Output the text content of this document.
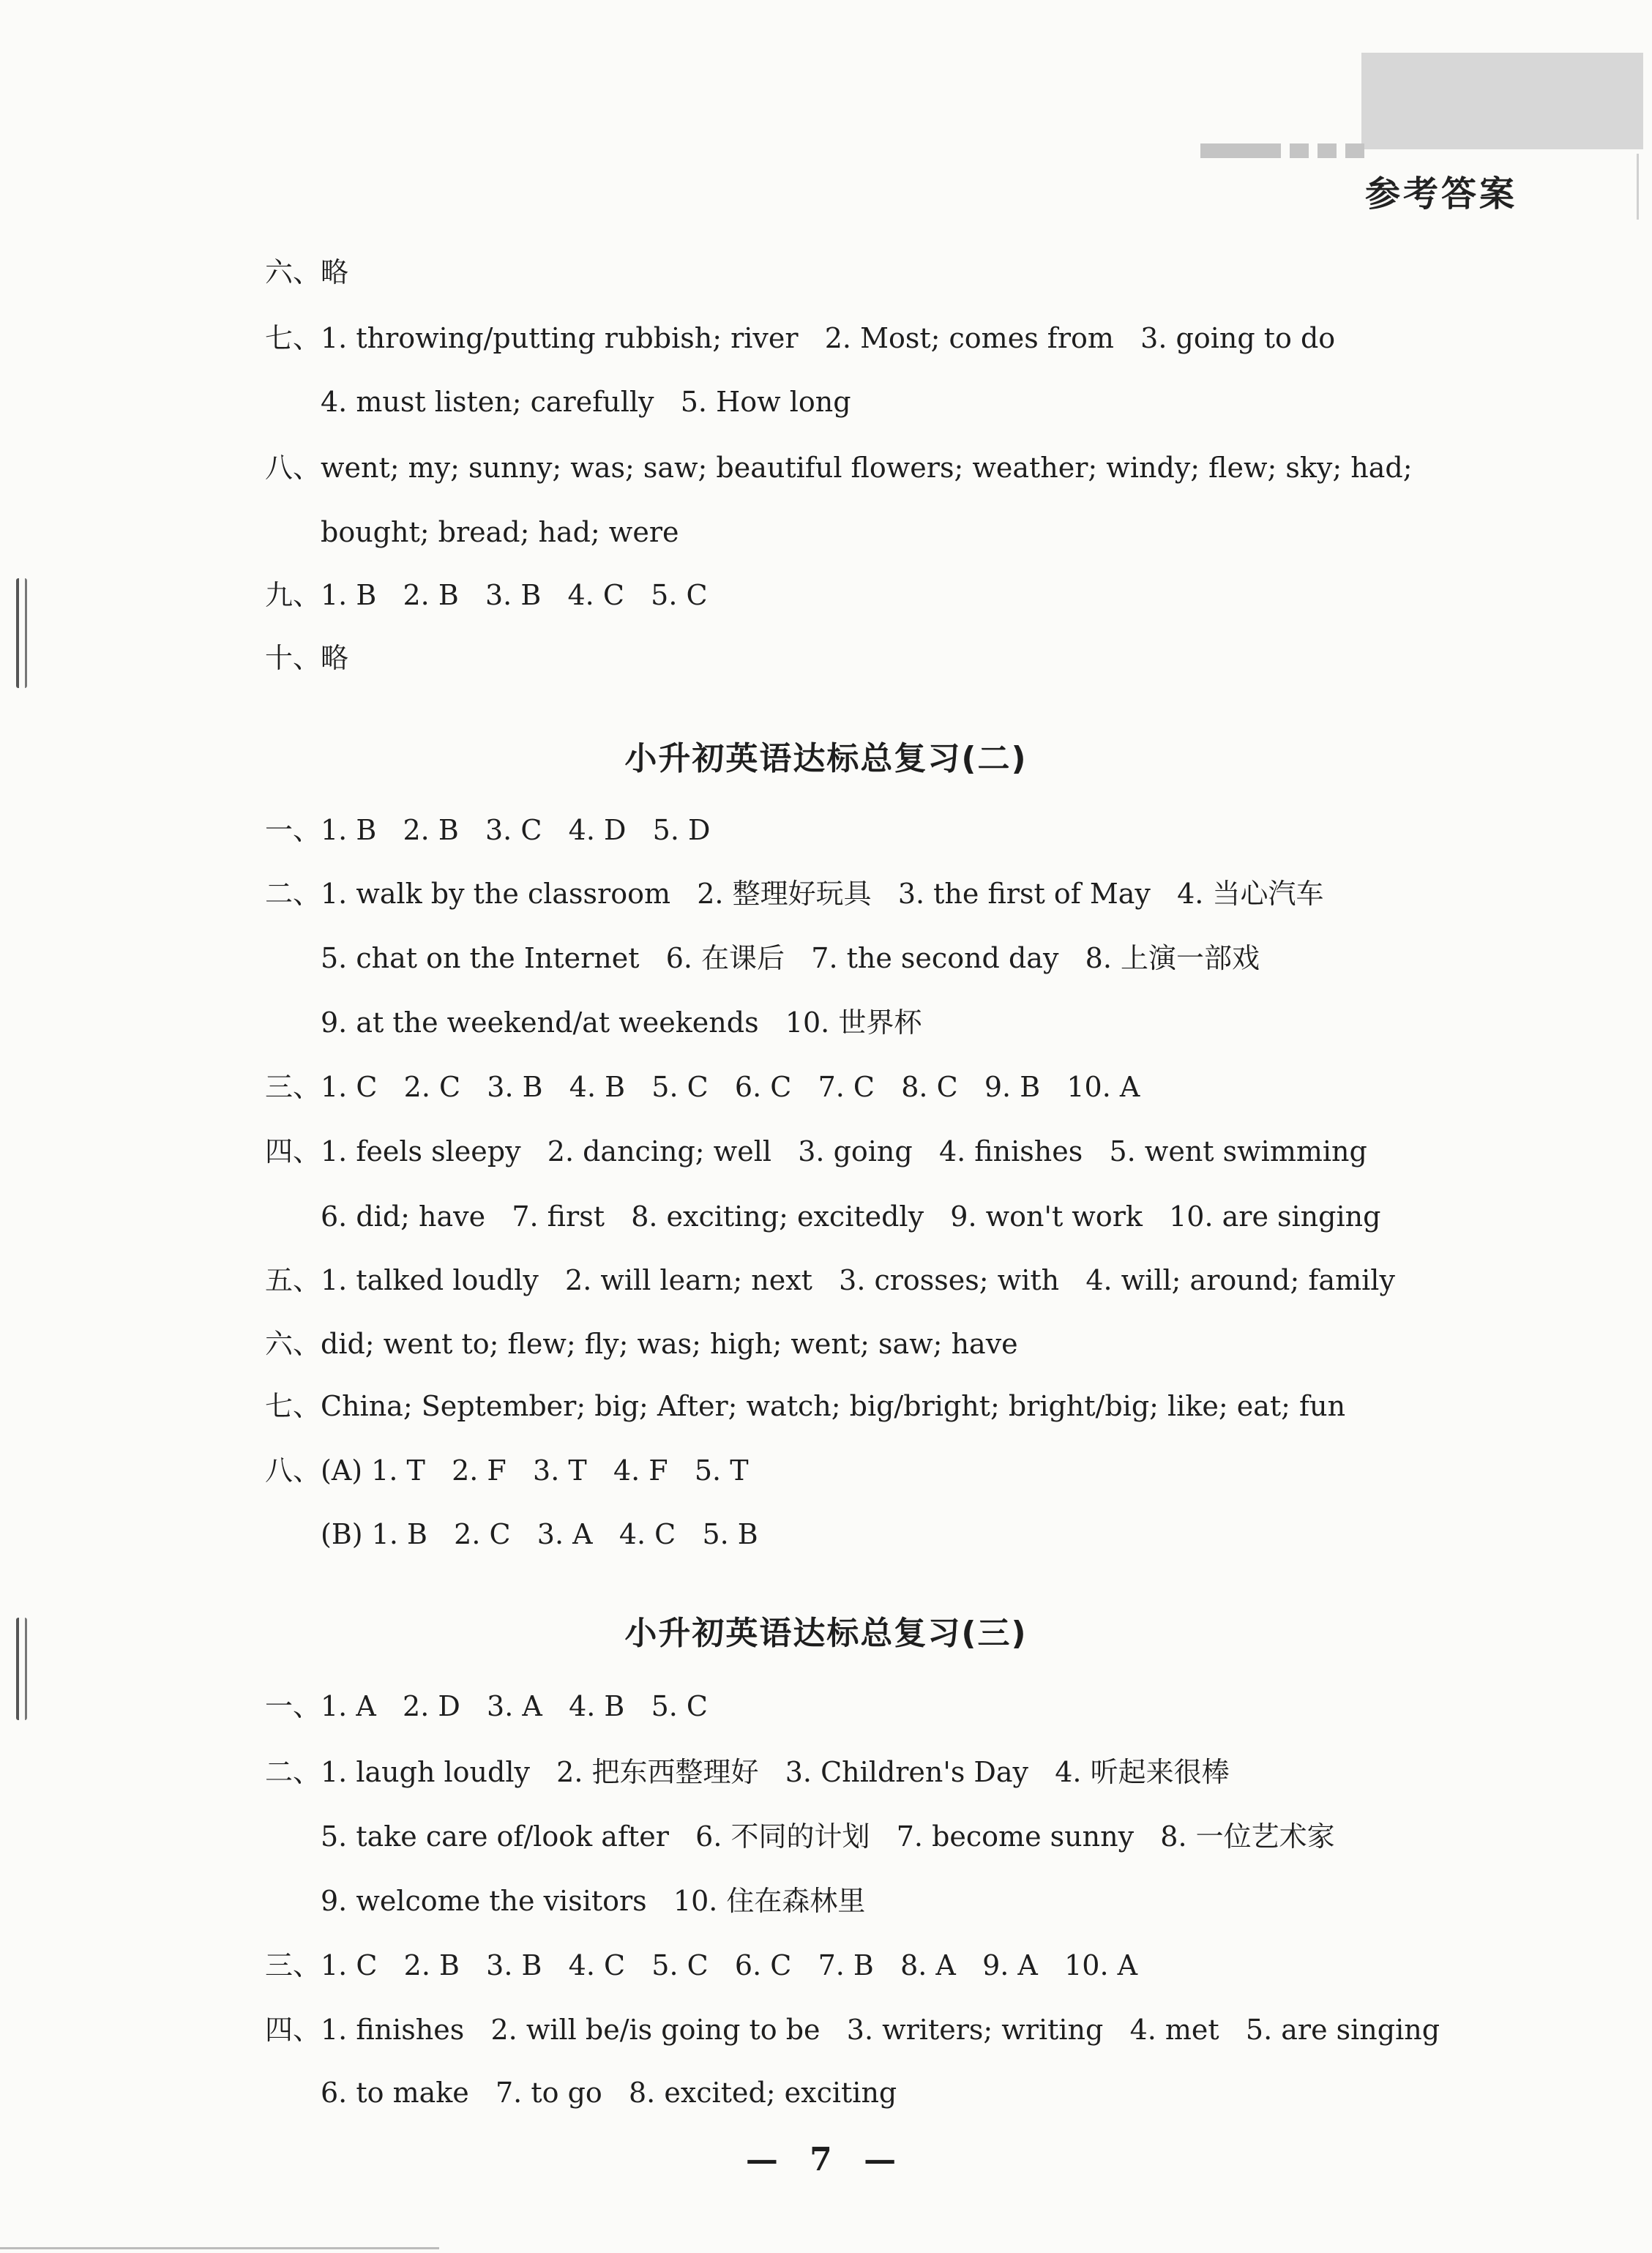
参考答案
六、略
七、1. throwing/putting rubbish; river   2. Most; comes from   3. going to do
4. must listen; carefully   5. How long
八、went; my; sunny; was; saw; beautiful flowers; weather; windy; flew; sky; had;
bought; bread; had; were
九、1. B   2. B   3. B   4. C   5. C
十、略
小升初英语达标总复习(二)
一、1. B   2. B   3. C   4. D   5. D
二、1. walk by the classroom   2. 整理好玩具   3. the first of May   4. 当心汽车
5. chat on the Internet   6. 在课后   7. the second day   8. 上演一部戏
9. at the weekend/at weekends   10. 世界杯
三、1. C   2. C   3. B   4. B   5. C   6. C   7. C   8. C   9. B   10. A
四、1. feels sleepy   2. dancing; well   3. going   4. finishes   5. went swimming
6. did; have   7. first   8. exciting; excitedly   9. won't work   10. are singing
五、1. talked loudly   2. will learn; next   3. crosses; with   4. will; around; family
六、did; went to; flew; fly; was; high; went; saw; have
七、China; September; big; After; watch; big/bright; bright/big; like; eat; fun
八、(A) 1. T   2. F   3. T   4. F   5. T
(B) 1. B   2. C   3. A   4. C   5. B
小升初英语达标总复习(三)
一、1. A   2. D   3. A   4. B   5. C
二、1. laugh loudly   2. 把东西整理好   3. Children's Day   4. 听起来很棒
5. take care of/look after   6. 不同的计划   7. become sunny   8. 一位艺术家
9. welcome the visitors   10. 住在森林里
三、1. C   2. B   3. B   4. C   5. C   6. C   7. B   8. A   9. A   10. A
四、1. finishes   2. will be/is going to be   3. writers; writing   4. met   5. are singing
6. to make   7. to go   8. excited; exciting
— 7 —
